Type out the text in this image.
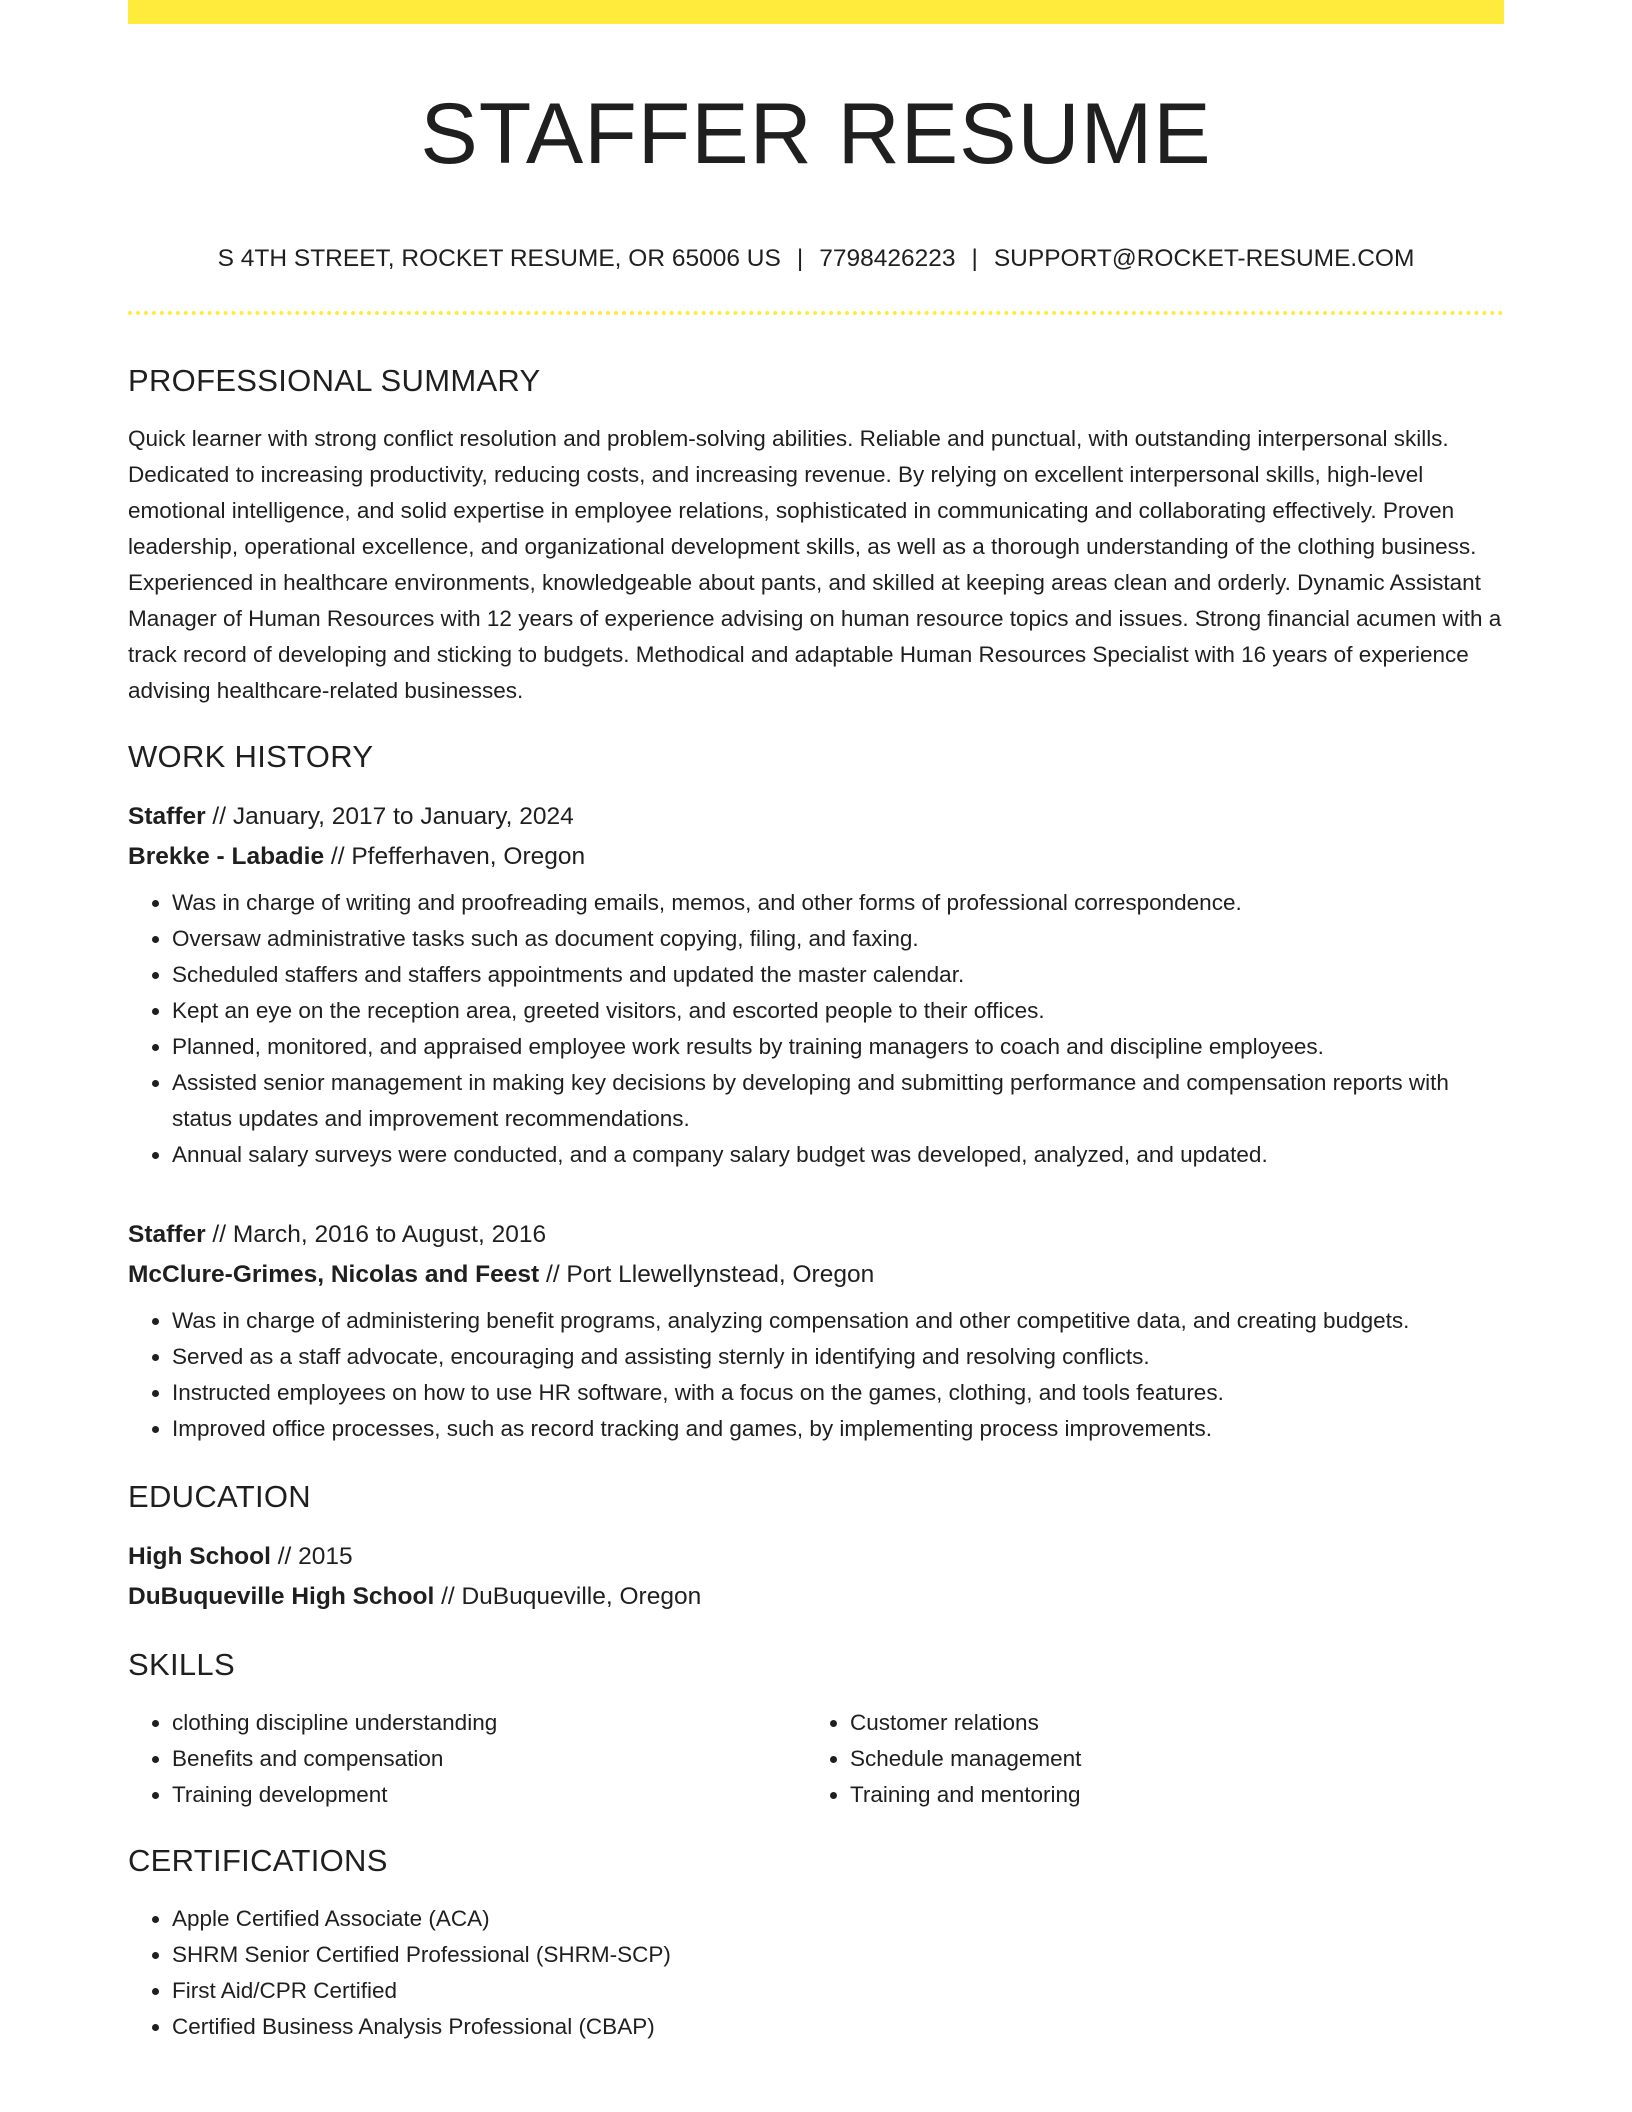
STAFFER RESUME
S 4TH STREET, ROCKET RESUME, OR 65006 US | 7798426223 | SUPPORT@ROCKET-RESUME.COM
PROFESSIONAL SUMMARY
Quick learner with strong conflict resolution and problem-solving abilities. Reliable and punctual, with outstanding interpersonal skills. Dedicated to increasing productivity, reducing costs, and increasing revenue. By relying on excellent interpersonal skills, high-level emotional intelligence, and solid expertise in employee relations, sophisticated in communicating and collaborating effectively. Proven leadership, operational excellence, and organizational development skills, as well as a thorough understanding of the clothing business. Experienced in healthcare environments, knowledgeable about pants, and skilled at keeping areas clean and orderly. Dynamic Assistant Manager of Human Resources with 12 years of experience advising on human resource topics and issues. Strong financial acumen with a track record of developing and sticking to budgets. Methodical and adaptable Human Resources Specialist with 16 years of experience advising healthcare-related businesses.
WORK HISTORY
Staffer // January, 2017 to January, 2024
Brekke - Labadie // Pfefferhaven, Oregon
• Was in charge of writing and proofreading emails, memos, and other forms of professional correspondence.
• Oversaw administrative tasks such as document copying, filing, and faxing.
• Scheduled staffers and staffers appointments and updated the master calendar.
• Kept an eye on the reception area, greeted visitors, and escorted people to their offices.
• Planned, monitored, and appraised employee work results by training managers to coach and discipline employees.
• Assisted senior management in making key decisions by developing and submitting performance and compensation reports with status updates and improvement recommendations.
• Annual salary surveys were conducted, and a company salary budget was developed, analyzed, and updated.
Staffer // March, 2016 to August, 2016
McClure-Grimes, Nicolas and Feest // Port Llewellynstead, Oregon
• Was in charge of administering benefit programs, analyzing compensation and other competitive data, and creating budgets.
• Served as a staff advocate, encouraging and assisting sternly in identifying and resolving conflicts.
• Instructed employees on how to use HR software, with a focus on the games, clothing, and tools features.
• Improved office processes, such as record tracking and games, by implementing process improvements.
EDUCATION
High School // 2015
DuBuqueville High School // DuBuqueville, Oregon
SKILLS
• clothing discipline understanding
• Benefits and compensation
• Training development
• Customer relations
• Schedule management
• Training and mentoring
CERTIFICATIONS
• Apple Certified Associate (ACA)
• SHRM Senior Certified Professional (SHRM-SCP)
• First Aid/CPR Certified
• Certified Business Analysis Professional (CBAP)
